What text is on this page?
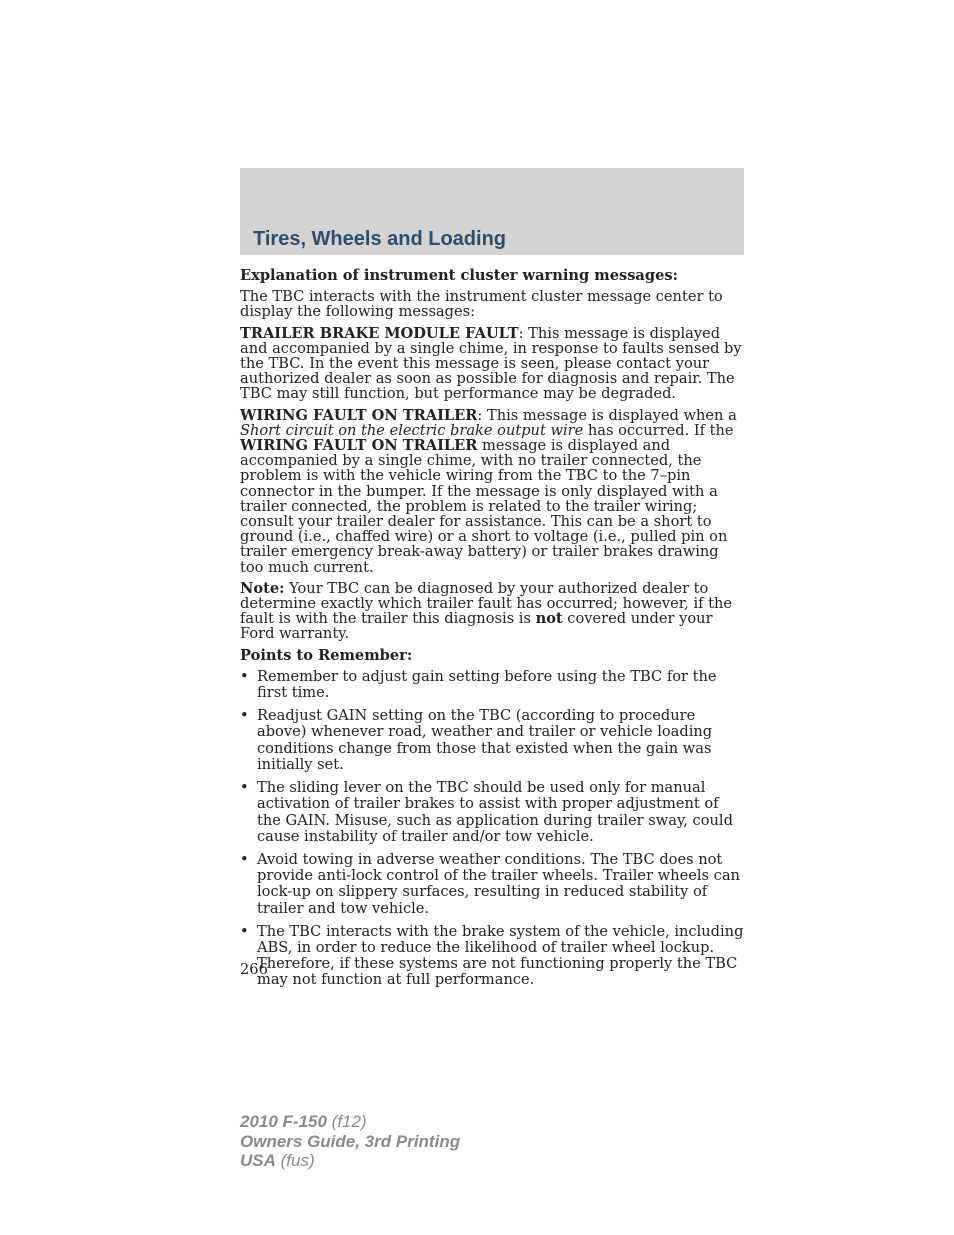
Tires, Wheels and Loading

Explanation of instrument cluster warning messages:

The TBC interacts with the instrument cluster message center to display the following messages:

TRAILER BRAKE MODULE FAULT: This message is displayed and accompanied by a single chime, in response to faults sensed by the TBC. In the event this message is seen, please contact your authorized dealer as soon as possible for diagnosis and repair. The TBC may still function, but performance may be degraded.

WIRING FAULT ON TRAILER: This message is displayed when a Short circuit on the electric brake output wire has occurred. If the WIRING FAULT ON TRAILER message is displayed and accompanied by a single chime, with no trailer connected, the problem is with the vehicle wiring from the TBC to the 7–pin connector in the bumper. If the message is only displayed with a trailer connected, the problem is related to the trailer wiring; consult your trailer dealer for assistance. This can be a short to ground (i.e., chaffed wire) or a short to voltage (i.e., pulled pin on trailer emergency break-away battery) or trailer brakes drawing too much current.

Note: Your TBC can be diagnosed by your authorized dealer to determine exactly which trailer fault has occurred; however, if the fault is with the trailer this diagnosis is not covered under your Ford warranty.

Points to Remember:

• Remember to adjust gain setting before using the TBC for the first time.
• Readjust GAIN setting on the TBC (according to procedure above) whenever road, weather and trailer or vehicle loading conditions change from those that existed when the gain was initially set.
• The sliding lever on the TBC should be used only for manual activation of trailer brakes to assist with proper adjustment of the GAIN. Misuse, such as application during trailer sway, could cause instability of trailer and/or tow vehicle.
• Avoid towing in adverse weather conditions. The TBC does not provide anti-lock control of the trailer wheels. Trailer wheels can lock-up on slippery surfaces, resulting in reduced stability of trailer and tow vehicle.
• The TBC interacts with the brake system of the vehicle, including ABS, in order to reduce the likelihood of trailer wheel lockup. Therefore, if these systems are not functioning properly the TBC may not function at full performance.
266
2010 F-150 (f12)
Owners Guide, 3rd Printing
USA (fus)
